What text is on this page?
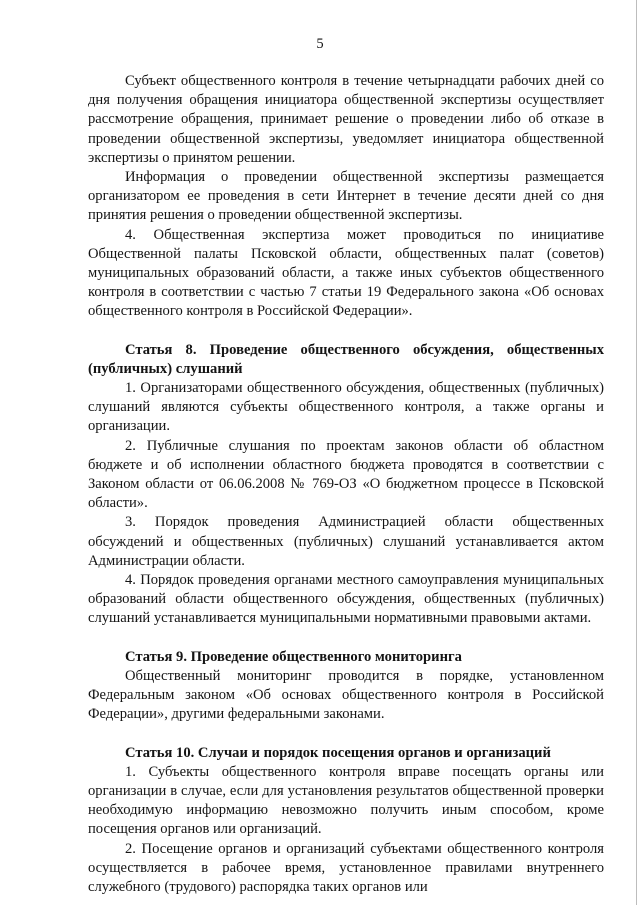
5

Субъект общественного контроля в течение четырнадцати рабочих дней со дня получения обращения инициатора общественной экспертизы осуществляет рассмотрение обращения, принимает решение о проведении либо об отказе в проведении общественной экспертизы, уведомляет инициатора общественной экспертизы о принятом решении.

Информация о проведении общественной экспертизы размещается организатором ее проведения в сети Интернет в течение десяти дней со дня принятия решения о проведении общественной экспертизы.

4. Общественная экспертиза может проводиться по инициативе Общественной палаты Псковской области, общественных палат (советов) муниципальных образований области, а также иных субъектов общественного контроля в соответствии с частью 7 статьи 19 Федерального закона «Об основах общественного контроля в Российской Федерации».

Статья 8. Проведение общественного обсуждения, общественных (публичных) слушаний

1. Организаторами общественного обсуждения, общественных (публичных) слушаний являются субъекты общественного контроля, а также органы и организации.

2. Публичные слушания по проектам законов области об областном бюджете и об исполнении областного бюджета проводятся в соответствии с Законом области от 06.06.2008 № 769-ОЗ «О бюджетном процессе в Псковской области».

3. Порядок проведения Администрацией области общественных обсуждений и общественных (публичных) слушаний устанавливается актом Администрации области.

4. Порядок проведения органами местного самоуправления муниципальных образований области общественного обсуждения, общественных (публичных) слушаний устанавливается муниципальными нормативными правовыми актами.

Статья 9. Проведение общественного мониторинга

Общественный мониторинг проводится в порядке, установленном Федеральным законом «Об основах общественного контроля в Российской Федерации», другими федеральными законами.

Статья 10. Случаи и порядок посещения органов и организаций

1. Субъекты общественного контроля вправе посещать органы или организации в случае, если для установления результатов общественной проверки необходимую информацию невозможно получить иным способом, кроме посещения органов или организаций.

2. Посещение органов и организаций субъектами общественного контроля осуществляется в рабочее время, установленное правилами внутреннего служебного (трудового) распорядка таких органов или
